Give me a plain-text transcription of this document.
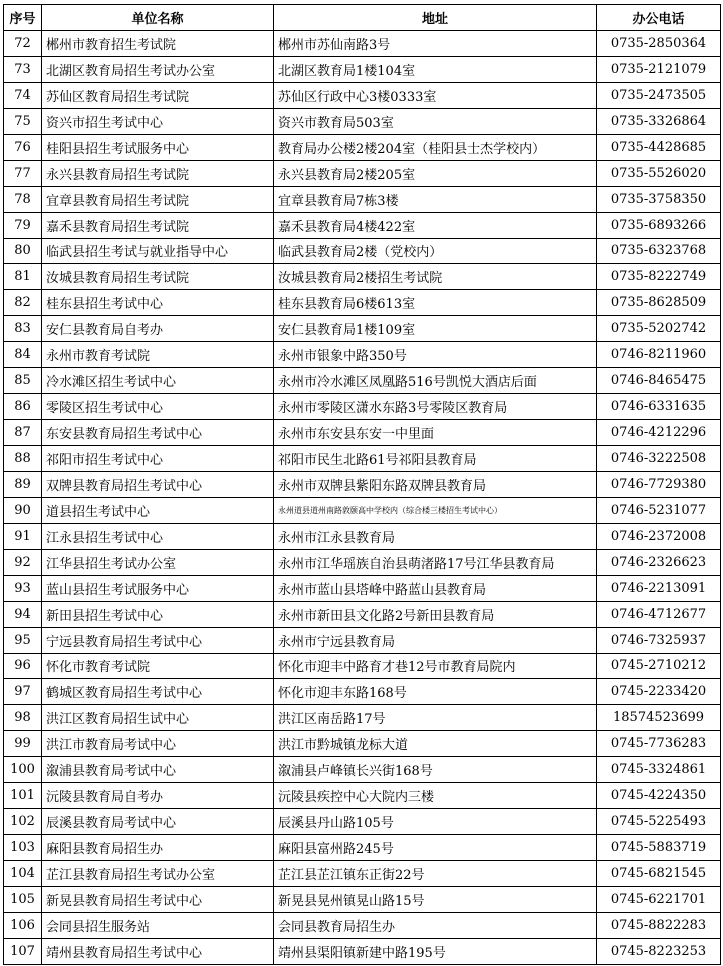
序号	单位名称	地址	办公电话
72	郴州市教育招生考试院	郴州市苏仙南路3号	0735-2850364
73	北湖区教育局招生考试办公室	北湖区教育局1楼104室	0735-2121079
74	苏仙区教育局招生考试院	苏仙区行政中心3楼0333室	0735-2473505
75	资兴市招生考试中心	资兴市教育局503室	0735-3326864
76	桂阳县招生考试服务中心	教育局办公楼2楼204室（桂阳县士杰学校内）	0735-4428685
77	永兴县教育局招生考试院	永兴县教育局2楼205室	0735-5526020
78	宜章县教育局招生考试院	宜章县教育局7栋3楼	0735-3758350
79	嘉禾县教育局招生考试院	嘉禾县教育局4楼422室	0735-6893266
80	临武县招生考试与就业指导中心	临武县教育局2楼（党校内）	0735-6323768
81	汝城县教育局招生考试院	汝城县教育局2楼招生考试院	0735-8222749
82	桂东县招生考试中心	桂东县教育局6楼613室	0735-8628509
83	安仁县教育局自考办	安仁县教育局1楼109室	0735-5202742
84	永州市教育考试院	永州市银象中路350号	0746-8211960
85	冷水滩区招生考试中心	永州市冷水滩区凤凰路516号凯悦大酒店后面	0746-8465475
86	零陵区招生考试中心	永州市零陵区潇水东路3号零陵区教育局	0746-6331635
87	东安县教育局招生考试中心	永州市东安县东安一中里面	0746-4212296
88	祁阳市招生考试中心	祁阳市民生北路61号祁阳县教育局	0746-3222508
89	双牌县教育局招生考试中心	永州市双牌县紫阳东路双牌县教育局	0746-7729380
90	道县招生考试中心	永州道县道州南路敦颐高中学校内（综合楼三楼招生考试中心）	0746-5231077
91	江永县招生考试中心	永州市江永县教育局	0746-2372008
92	江华县招生考试办公室	永州市江华瑶族自治县萌渚路17号江华县教育局	0746-2326623
93	蓝山县招生考试服务中心	永州市蓝山县塔峰中路蓝山县教育局	0746-2213091
94	新田县招生考试中心	永州市新田县文化路2号新田县教育局	0746-4712677
95	宁远县教育局招生考试中心	永州市宁远县教育局	0746-7325937
96	怀化市教育考试院	怀化市迎丰中路育才巷12号市教育局院内	0745-2710212
97	鹤城区教育局招生考试中心	怀化市迎丰东路168号	0745-2233420
98	洪江区教育局招生试中心	洪江区南岳路17号	18574523699
99	洪江市教育局考试中心	洪江市黔城镇龙标大道	0745-7736283
100	溆浦县教育局考试中心	溆浦县卢峰镇长兴街168号	0745-3324861
101	沅陵县教育局自考办	沅陵县疾控中心大院内三楼	0745-4224350
102	辰溪县教育局考试中心	辰溪县丹山路105号	0745-5225493
103	麻阳县教育局招生办	麻阳县富州路245号	0745-5883719
104	芷江县教育局招生考试办公室	芷江县芷江镇东正街22号	0745-6821545
105	新晃县教育局招生考试中心	新晃县晃州镇晃山路15号	0745-6221701
106	会同县招生服务站	会同县教育局招生办	0745-8822283
107	靖州县教育局招生考试中心	靖州县渠阳镇新建中路195号	0745-8223253
